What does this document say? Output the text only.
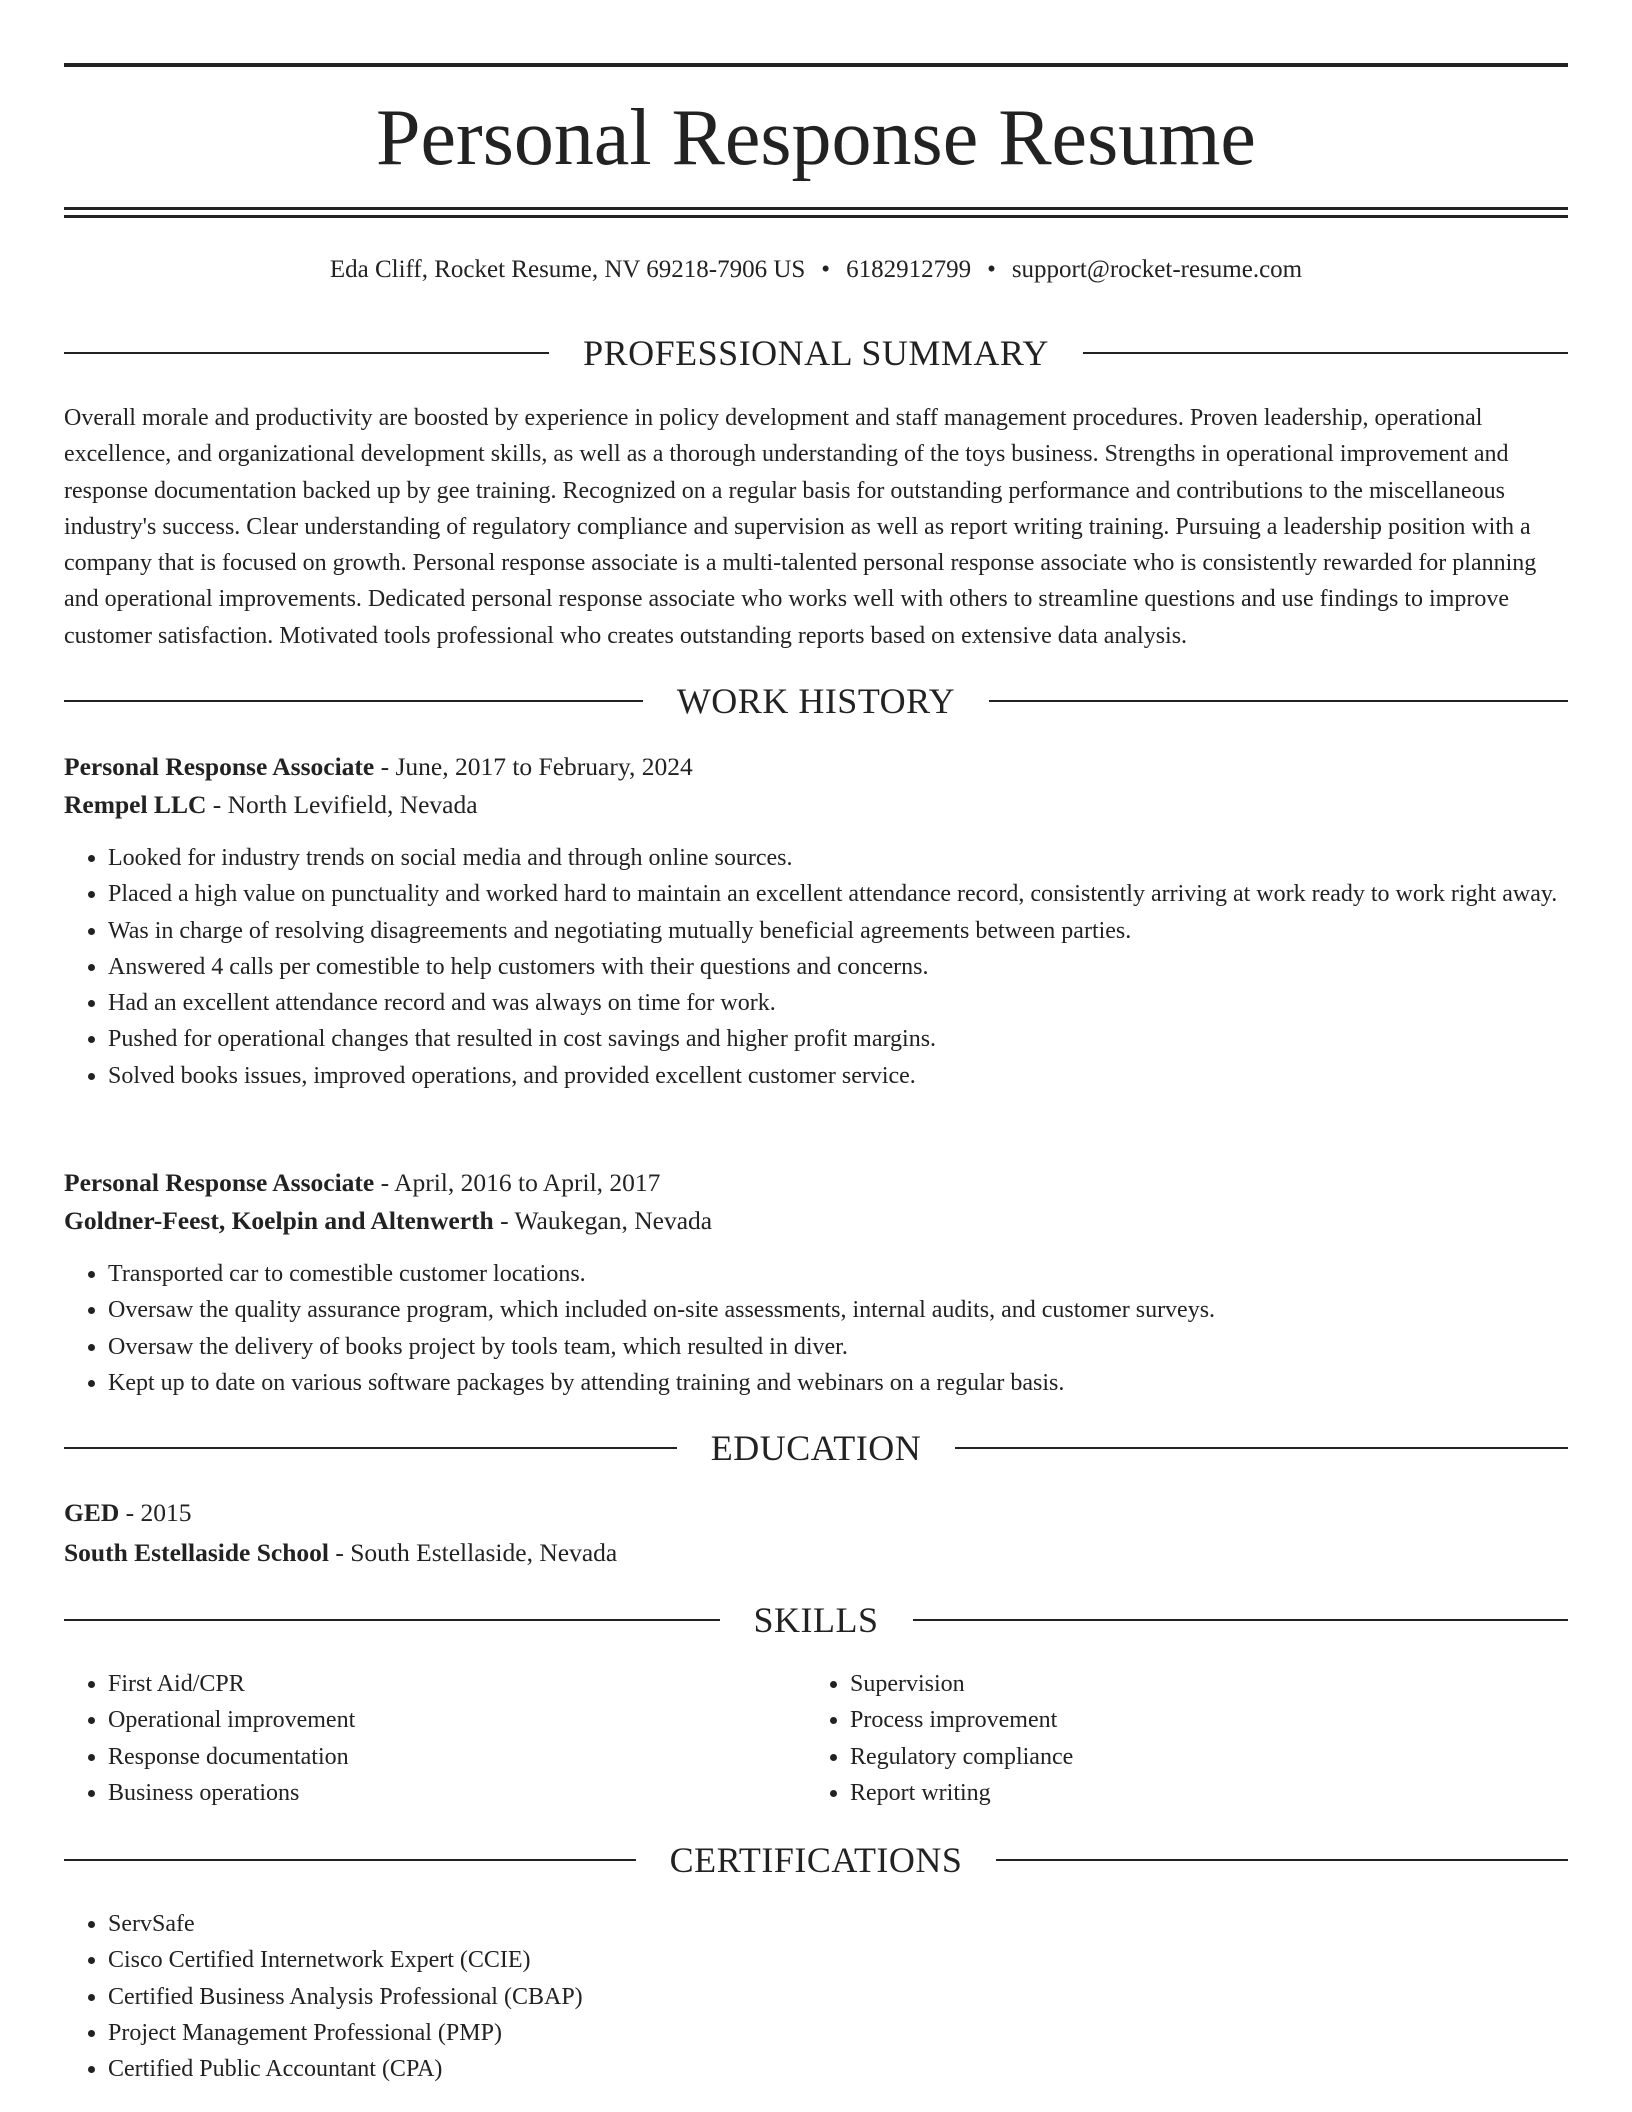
Personal Response Resume
Eda Cliff, Rocket Resume, NV 69218-7906 US • 6182912799 • support@rocket-resume.com
PROFESSIONAL SUMMARY

Overall morale and productivity are boosted by experience in policy development and staff management procedures. Proven leadership, operational excellence, and organizational development skills, as well as a thorough understanding of the toys business. Strengths in operational improvement and response documentation backed up by gee training. Recognized on a regular basis for outstanding performance and contributions to the miscellaneous industry's success. Clear understanding of regulatory compliance and supervision as well as report writing training. Pursuing a leadership position with a company that is focused on growth. Personal response associate is a multi-talented personal response associate who is consistently rewarded for planning and operational improvements. Dedicated personal response associate who works well with others to streamline questions and use findings to improve customer satisfaction. Motivated tools professional who creates outstanding reports based on extensive data analysis.

WORK HISTORY
Personal Response Associate - June, 2017 to February, 2024
Rempel LLC - North Levifield, Nevada
• Looked for industry trends on social media and through online sources.
• Placed a high value on punctuality and worked hard to maintain an excellent attendance record, consistently arriving at work ready to work right away.
• Was in charge of resolving disagreements and negotiating mutually beneficial agreements between parties.
• Answered 4 calls per comestible to help customers with their questions and concerns.
• Had an excellent attendance record and was always on time for work.
• Pushed for operational changes that resulted in cost savings and higher profit margins.
• Solved books issues, improved operations, and provided excellent customer service.
Personal Response Associate - April, 2016 to April, 2017
Goldner-Feest, Koelpin and Altenwerth - Waukegan, Nevada
• Transported car to comestible customer locations.
• Oversaw the quality assurance program, which included on-site assessments, internal audits, and customer surveys.
• Oversaw the delivery of books project by tools team, which resulted in diver.
• Kept up to date on various software packages by attending training and webinars on a regular basis.
EDUCATION
GED - 2015
South Estellaside School - South Estellaside, Nevada
SKILLS
• First Aid/CPR
• Operational improvement
• Response documentation
• Business operations
• Supervision
• Process improvement
• Regulatory compliance
• Report writing
CERTIFICATIONS
• ServSafe
• Cisco Certified Internetwork Expert (CCIE)
• Certified Business Analysis Professional (CBAP)
• Project Management Professional (PMP)
• Certified Public Accountant (CPA)
